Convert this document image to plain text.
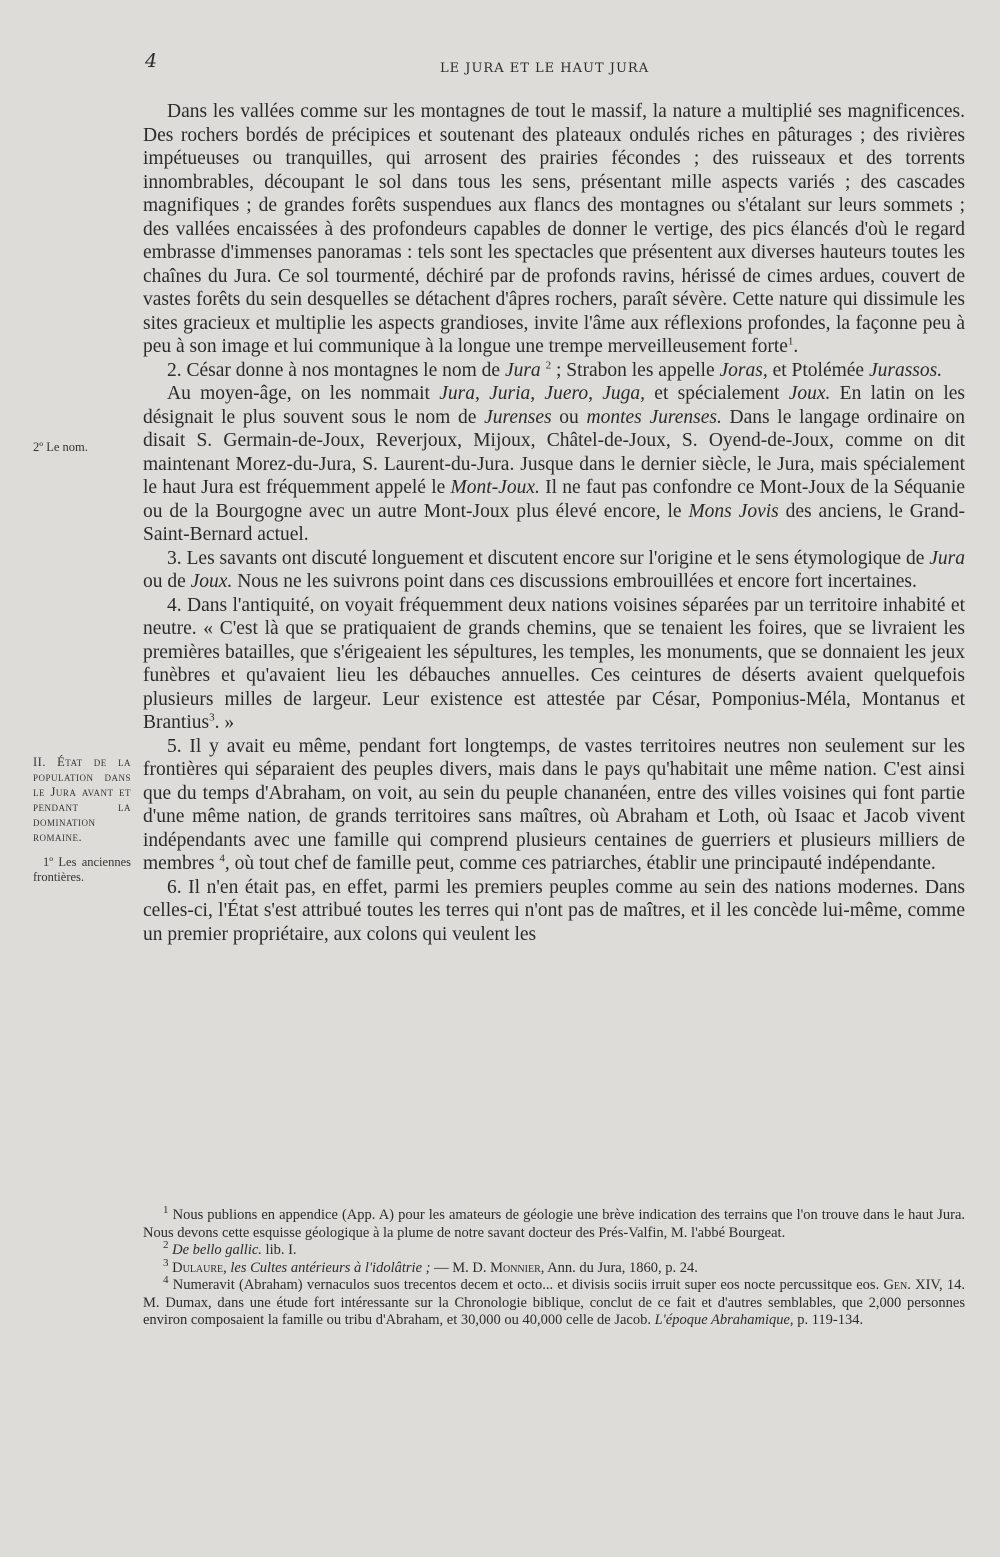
4	LE JURA ET LE HAUT JURA
2º Le nom.
II. État de la population dans le Jura avant et pendant la domination romaine.
1º Les anciennes frontières.

Dans les vallées comme sur les montagnes de tout le massif, la nature a multiplié ses magnificences. Des rochers bordés de précipices et soutenant des plateaux ondulés riches en pâturages ; des rivières impétueuses ou tranquilles, qui arrosent des prairies fécondes ; des ruisseaux et des torrents innombrables, découpant le sol dans tous les sens, présentant mille aspects variés ; des cascades magnifiques ; de grandes forêts suspendues aux flancs des montagnes ou s'étalant sur leurs sommets ; des vallées encaissées à des profondeurs capables de donner le vertige, des pics élancés d'où le regard embrasse d'immenses panoramas : tels sont les spectacles que présentent aux diverses hauteurs toutes les chaînes du Jura. Ce sol tourmenté, déchiré par de profonds ravins, hérissé de cimes ardues, couvert de vastes forêts du sein desquelles se détachent d'âpres rochers, paraît sévère. Cette nature qui dissimule les sites gracieux et multiplie les aspects grandioses, invite l'âme aux réflexions profondes, la façonne peu à peu à son image et lui communique à la longue une trempe merveilleusement forte$^1$.

2. César donne à nos montagnes le nom de Jura $^2$ ; Strabon les appelle Joras, et Ptolémée Jurassos.

Au moyen-âge, on les nommait Jura, Juria, Juero, Juga, et spécialement Joux. En latin on les désignait le plus souvent sous le nom de Jurenses ou montes Jurenses. Dans le langage ordinaire on disait S. Germain-de-Joux, Reverjoux, Mijoux, Châtel-de-Joux, S. Oyend-de-Joux, comme on dit maintenant Morez-du-Jura, S. Laurent-du-Jura. Jusque dans le dernier siècle, le Jura, mais spécialement le haut Jura est fréquemment appelé le Mont-Joux. Il ne faut pas confondre ce Mont-Joux de la Séquanie ou de la Bourgogne avec un autre Mont-Joux plus élevé encore, le Mons Jovis des anciens, le Grand-Saint-Bernard actuel.

3. Les savants ont discuté longuement et discutent encore sur l'origine et le sens étymologique de Jura ou de Joux. Nous ne les suivrons point dans ces discussions embrouillées et encore fort incertaines.

4. Dans l'antiquité, on voyait fréquemment deux nations voisines séparées par un territoire inhabité et neutre. « C'est là que se pratiquaient de grands chemins, que se tenaient les foires, que se livraient les premières batailles, que s'érigeaient les sépultures, les temples, les monuments, que se donnaient les jeux funèbres et qu'avaient lieu les débauches annuelles. Ces ceintures de déserts avaient quelquefois plusieurs milles de largeur. Leur existence est attestée par César, Pomponius-Méla, Montanus et Brantius$^3$. »

5. Il y avait eu même, pendant fort longtemps, de vastes territoires neutres non seulement sur les frontières qui séparaient des peuples divers, mais dans le pays qu'habitait une même nation. C'est ainsi que du temps d'Abraham, on voit, au sein du peuple chananéen, entre des villes voisines qui font partie d'une même nation, de grands territoires sans maîtres, où Abraham et Loth, où Isaac et Jacob vivent indépendants avec une famille qui comprend plusieurs centaines de guerriers et plusieurs milliers de membres $^4$, où tout chef de famille peut, comme ces patriarches, établir une principauté indépendante.

6. Il n'en était pas, en effet, parmi les premiers peuples comme au sein des nations modernes. Dans celles-ci, l'État s'est attribué toutes les terres qui n'ont pas de maîtres, et il les concède lui-même, comme un premier propriétaire, aux colons qui veulent les

$^1$ Nous publions en appendice (App. A) pour les amateurs de géologie une brève indication des terrains que l'on trouve dans le haut Jura. Nous devons cette esquisse géologique à la plume de notre savant docteur des Prés-Valfin, M. l'abbé Bourgeat.

$^2$ De bello gallic. lib. I.

$^3$ Dulaure, les Cultes antérieurs à l'idolâtrie ; — M. D. Monnier, Ann. du Jura, 1860, p. 24.

$^4$ Numeravit (Abraham) vernaculos suos trecentos decem et octo... et divisis sociis irruit super eos nocte percussitque eos. Gen. XIV, 14. M. Dumax, dans une étude fort intéressante sur la Chronologie biblique, conclut de ce fait et d'autres semblables, que 2,000 personnes environ composaient la famille ou tribu d'Abraham, et 30,000 ou 40,000 celle de Jacob. L'époque Abrahamique, p. 119-134.
